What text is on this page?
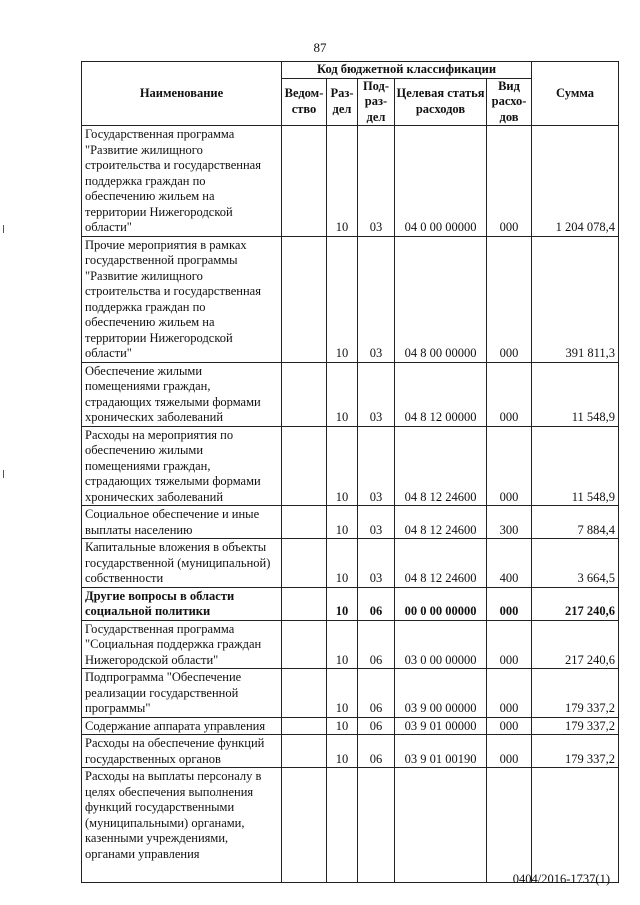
87
Наименование	Код бюджетной классификации					Сумма
	Ведом-ство	Раз-дел	Под-раз-дел	Целевая статья расходов	Вид расхо-дов	
Государственная программа "Развитие жилищного строительства и государственная поддержка граждан по обеспечению жильем на территории Нижегородской области"		10	03	04 0 00 00000	000	1 204 078,4
Прочие мероприятия в рамках государственной программы "Развитие жилищного строительства и государственная поддержка граждан по обеспечению жильем на территории Нижегородской области"		10	03	04 8 00 00000	000	391 811,3
Обеспечение жилыми помещениями граждан, страдающих тяжелыми формами хронических заболеваний		10	03	04 8 12 00000	000	11 548,9
Расходы на мероприятия по обеспечению жилыми помещениями граждан, страдающих тяжелыми формами хронических заболеваний		10	03	04 8 12 24600	000	11 548,9
Социальное обеспечение и иные выплаты населению		10	03	04 8 12 24600	300	7 884,4
Капитальные вложения в объекты государственной (муниципальной) собственности		10	03	04 8 12 24600	400	3 664,5
Другие вопросы в области социальной политики		10	06	00 0 00 00000	000	217 240,6
Государственная программа "Социальная поддержка граждан Нижегородской области"		10	06	03 0 00 00000	000	217 240,6
Подпрограмма "Обеспечение реализации государственной программы"		10	06	03 9 00 00000	000	179 337,2
Содержание аппарата управления		10	06	03 9 01 00000	000	179 337,2
Расходы на обеспечение функций государственных органов		10	06	03 9 01 00190	000	179 337,2
Расходы на выплаты персоналу в целях обеспечения выполнения функций государственными (муниципальными) органами, казенными учреждениями, органами управления						
0404/2016-1737(1)
